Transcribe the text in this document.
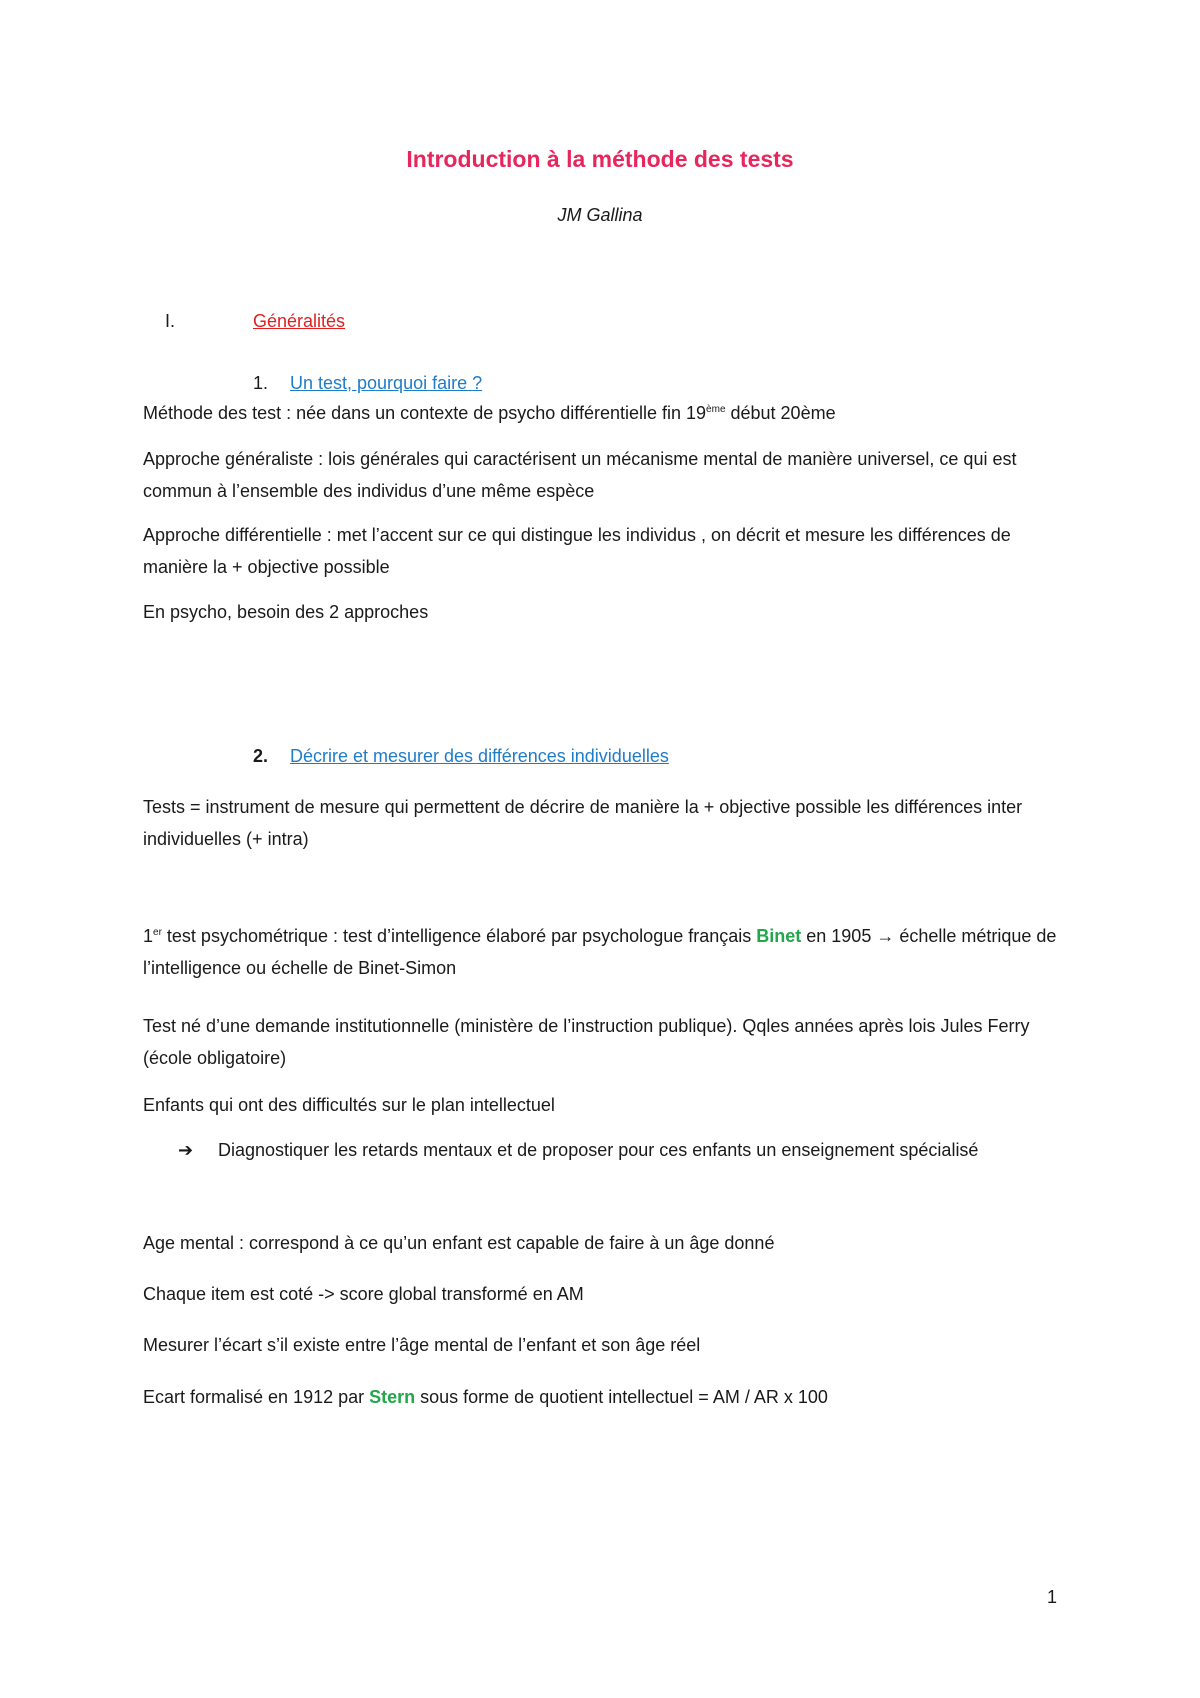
Introduction à la méthode des tests
JM Gallina
I.	Généralités
1. Un test, pourquoi faire ?

Méthode des test : née dans un contexte de psycho différentielle fin 19ème début 20ème

Approche généraliste : lois générales qui caractérisent un mécanisme mental de manière universel, ce qui est commun à l’ensemble des individus d’une même espèce

Approche différentielle : met l’accent sur ce qui distingue les individus , on décrit et mesure les différences de manière la + objective possible

En psycho, besoin des 2 approches

2. Décrire et mesurer des différences individuelles

Tests = instrument de mesure qui permettent de décrire de manière la + objective possible les différences inter individuelles (+ intra)

1er test psychométrique : test d’intelligence élaboré par psychologue français Binet en 1905 → échelle métrique de l’intelligence ou échelle de Binet-Simon

Test né d’une demande institutionnelle (ministère de l’instruction publique). Qqles années après lois Jules Ferry (école obligatoire)

Enfants qui ont des difficultés sur le plan intellectuel

➔ Diagnostiquer les retards mentaux et de proposer pour ces enfants un enseignement spécialisé

Age mental : correspond à ce qu’un enfant est capable de faire à un âge donné

Chaque item est coté -> score global transformé en AM

Mesurer l’écart s’il existe entre l’âge mental de l’enfant et son âge réel

Ecart formalisé en 1912 par Stern sous forme de quotient intellectuel = AM / AR x 100

1
